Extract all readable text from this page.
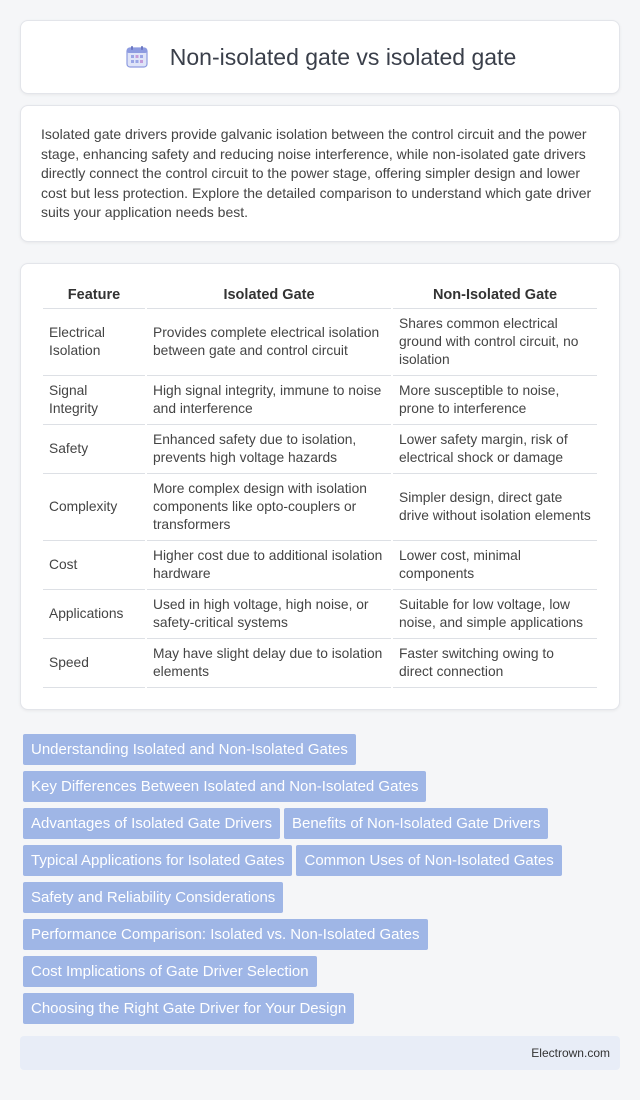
Non-isolated gate vs isolated gate

Isolated gate drivers provide galvanic isolation between the control circuit and the power stage, enhancing safety and reducing noise interference, while non-isolated gate drivers directly connect the control circuit to the power stage, offering simpler design and lower cost but less protection. Explore the detailed comparison to understand which gate driver suits your application needs best.

Feature	Isolated Gate	Non-Isolated Gate
Electrical Isolation	Provides complete electrical isolation between gate and control circuit	Shares common electrical ground with control circuit, no isolation
Signal Integrity	High signal integrity, immune to noise and interference	More susceptible to noise, prone to interference
Safety	Enhanced safety due to isolation, prevents high voltage hazards	Lower safety margin, risk of electrical shock or damage
Complexity	More complex design with isolation components like opto-couplers or transformers	Simpler design, direct gate drive without isolation elements
Cost	Higher cost due to additional isolation hardware	Lower cost, minimal components
Applications	Used in high voltage, high noise, or safety-critical systems	Suitable for low voltage, low noise, and simple applications
Speed	May have slight delay due to isolation elements	Faster switching owing to direct connection
Understanding Isolated and Non-Isolated Gates
Key Differences Between Isolated and Non-Isolated Gates
Advantages of Isolated Gate Drivers Benefits of Non-Isolated Gate Drivers
Typical Applications for Isolated Gates Common Uses of Non-Isolated Gates
Safety and Reliability Considerations
Performance Comparison: Isolated vs. Non-Isolated Gates
Cost Implications of Gate Driver Selection
Choosing the Right Gate Driver for Your Design
Electrown.com
